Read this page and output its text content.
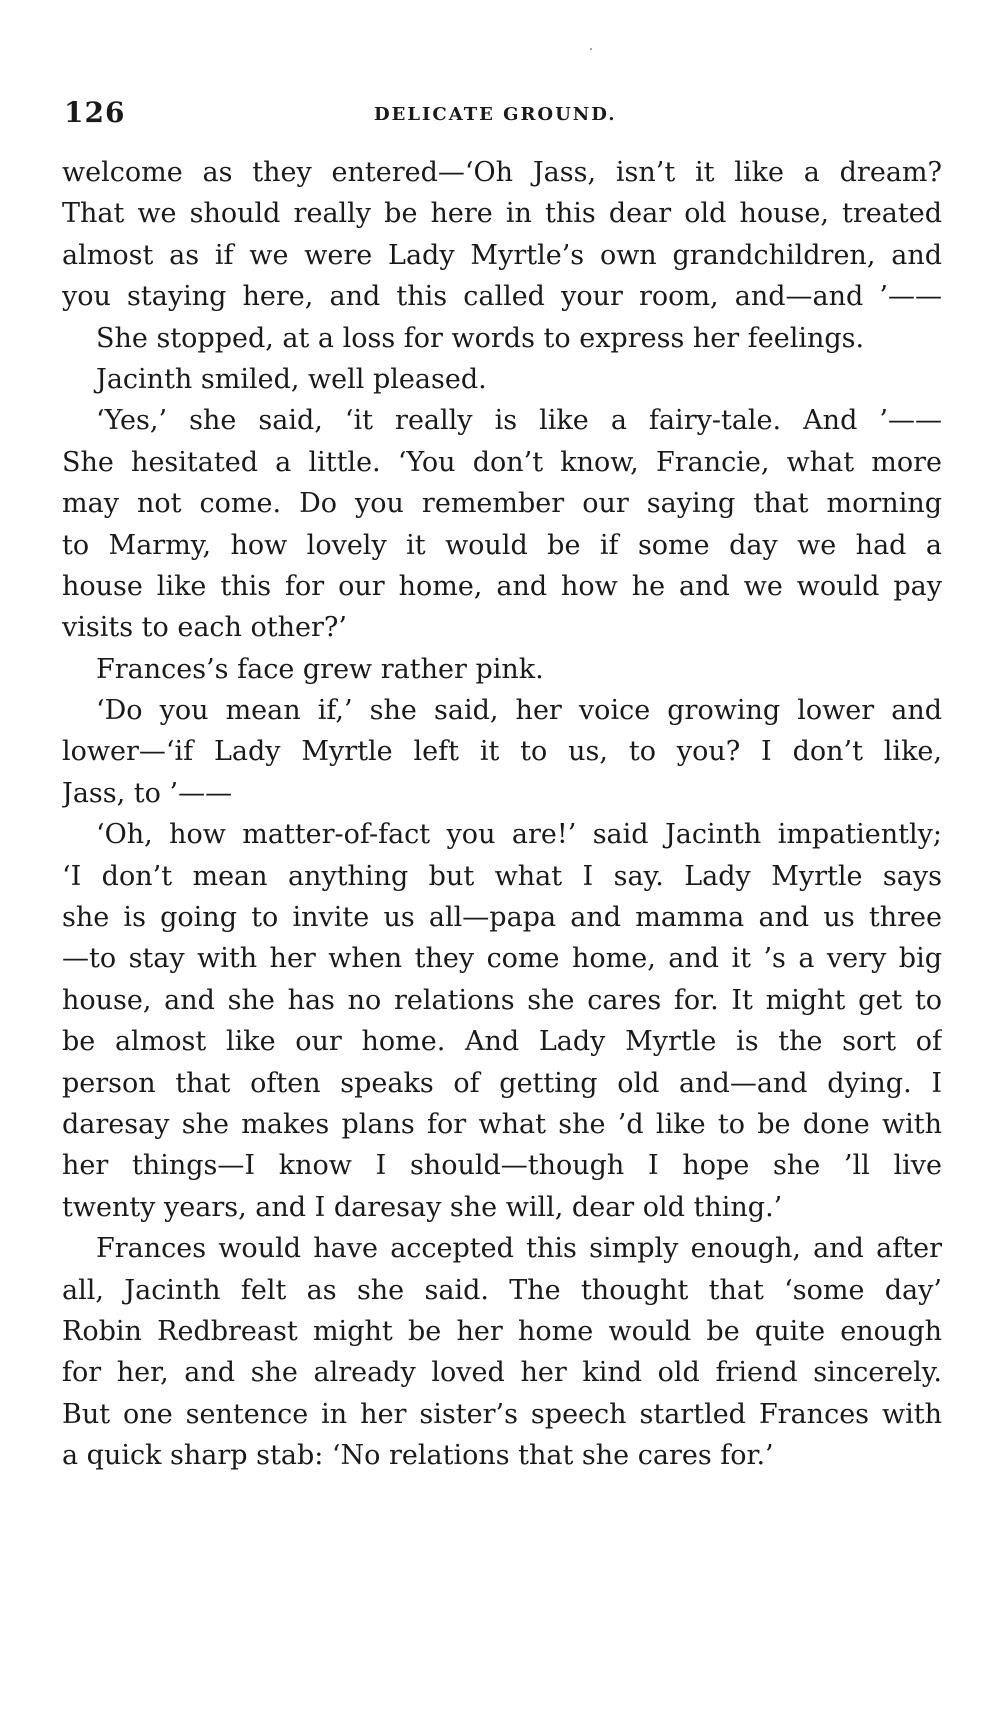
126	DELICATE GROUND.
welcome as they entered—‘Oh Jass, isn’t it like a dream?
That we should really be here in this dear old house, treated
almost as if we were Lady Myrtle’s own grandchildren, and
you staying here, and this called your room, and—and ’——
She stopped, at a loss for words to express her feelings.
Jacinth smiled, well pleased.
‘Yes,’ she said, ‘it really is like a fairy-tale. And ’——
She hesitated a little. ‘You don’t know, Francie, what more
may not come. Do you remember our saying that morning
to Marmy, how lovely it would be if some day we had a
house like this for our home, and how he and we would pay
visits to each other?’
Frances’s face grew rather pink.
‘Do you mean if,’ she said, her voice growing lower and
lower—‘if Lady Myrtle left it to us, to you? I don’t like,
Jass, to ’——
‘Oh, how matter-of-fact you are!’ said Jacinth impatiently;
‘I don’t mean anything but what I say. Lady Myrtle says
she is going to invite us all—papa and mamma and us three
—to stay with her when they come home, and it ’s a very big
house, and she has no relations she cares for. It might get to
be almost like our home. And Lady Myrtle is the sort of
person that often speaks of getting old and—and dying. I
daresay she makes plans for what she ’d like to be done with
her things—I know I should—though I hope she ’ll live
twenty years, and I daresay she will, dear old thing.’
Frances would have accepted this simply enough, and after
all, Jacinth felt as she said. The thought that ‘some day’
Robin Redbreast might be her home would be quite enough
for her, and she already loved her kind old friend sincerely.
But one sentence in her sister’s speech startled Frances with
a quick sharp stab: ‘No relations that she cares for.’
